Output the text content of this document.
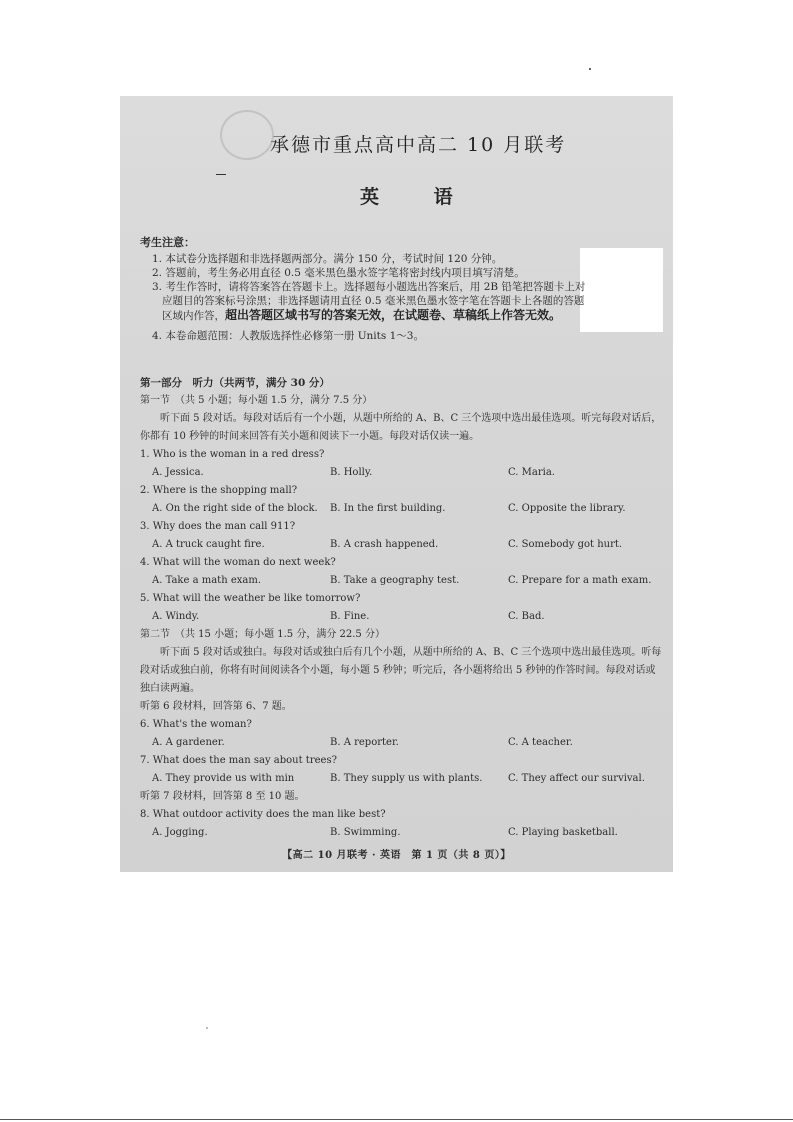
承德市重点高中高二 10 月联考
英 语
考生注意：
1. 本试卷分选择题和非选择题两部分。满分 150 分，考试时间 120 分钟。
2. 答题前，考生务必用直径 0.5 毫米黑色墨水签字笔将密封线内项目填写清楚。
3. 考生作答时，请将答案答在答题卡上。选择题每小题选出答案后，用 2B 铅笔把答题卡上对应题目的答案标号涂黑；非选择题请用直径 0.5 毫米黑色墨水签字笔在答题卡上各题的答题区域内作答，超出答题区域书写的答案无效，在试题卷、草稿纸上作答无效。
4. 本卷命题范围：人教版选择性必修第一册 Units 1～3。
第一部分　听力（共两节，满分 30 分）
第一节　（共 5 小题；每小题 1.5 分，满分 7.5 分）
听下面 5 段对话。每段对话后有一个小题，从题中所给的 A、B、C 三个选项中选出最佳选项。听完每段对话后，你都有 10 秒钟的时间来回答有关小题和阅读下一小题。每段对话仅读一遍。
1. Who is the woman in a red dress?
A. Jessica.	B. Holly.	C. Maria.
2. Where is the shopping mall?
A. On the right side of the block.	B. In the first building.	C. Opposite the library.
3. Why does the man call 911?
A. A truck caught fire.	B. A crash happened.	C. Somebody got hurt.
4. What will the woman do next week?
A. Take a math exam.	B. Take a geography test.	C. Prepare for a math exam.
5. What will the weather be like tomorrow?
A. Windy.	B. Fine.	C. Bad.
第二节　（共 15 小题；每小题 1.5 分，满分 22.5 分）
听下面 5 段对话或独白。每段对话或独白后有几个小题，从题中所给的 A、B、C 三个选项中选出最佳选项。听每段对话或独白前，你将有时间阅读各个小题，每小题 5 秒钟；听完后，各小题将给出 5 秒钟的作答时间。每段对话或独白读两遍。
听第 6 段材料，回答第 6、7 题。
6. What's the woman?
A. A gardener.	B. A reporter.	C. A teacher.
7. What does the man say about trees?
A. They provide us with min	B. They supply us with plants.	C. They affect our survival.
听第 7 段材料，回答第 8 至 10 题。
8. What outdoor activity does the man like best?
A. Jogging.	B. Swimming.	C. Playing basketball.
【高二 10 月联考 · 英语　第 1 页（共 8 页）】
